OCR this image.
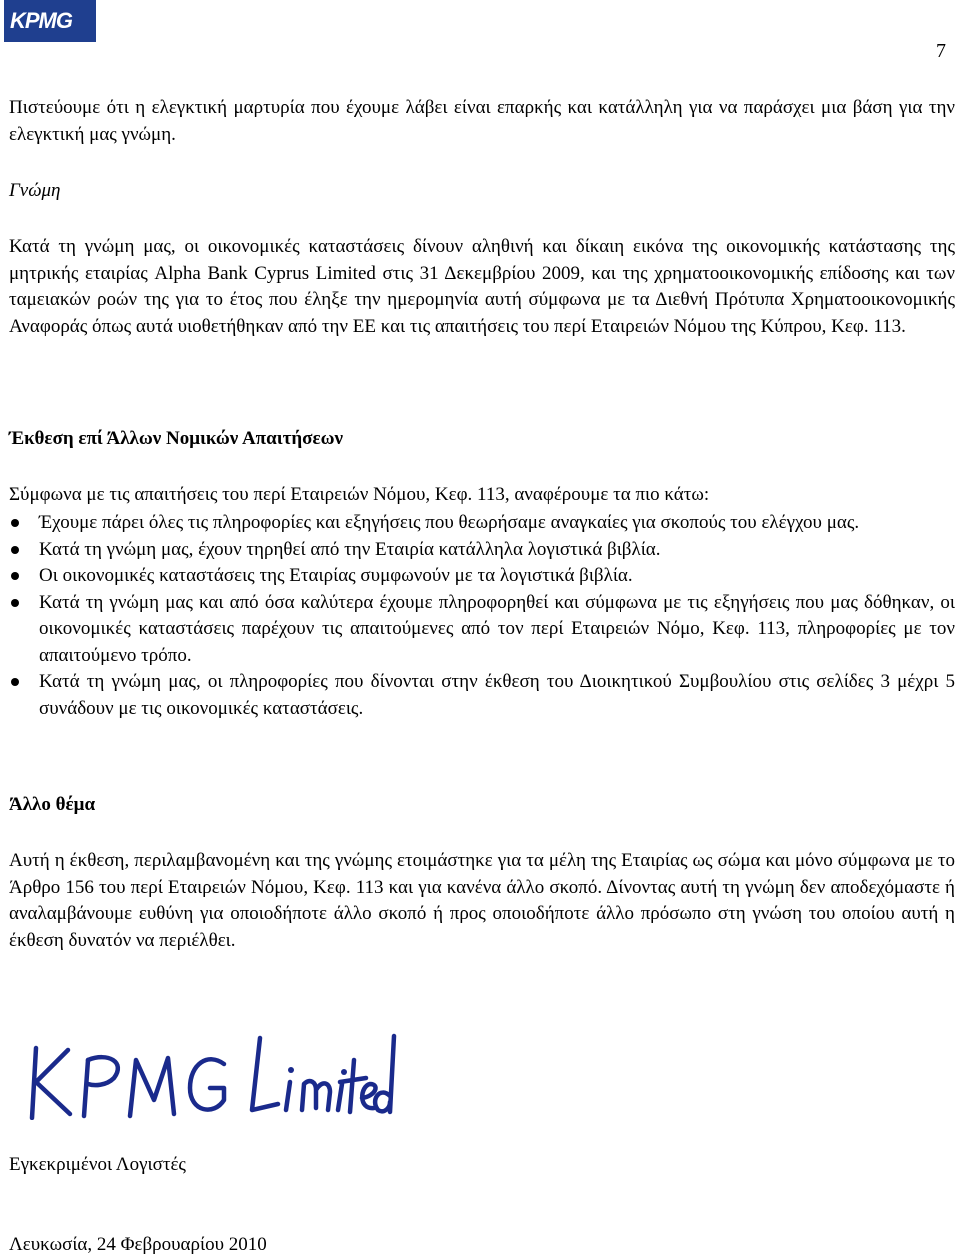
KPMG
7
Πιστεύουμε ότι η ελεγκτική μαρτυρία που έχουμε λάβει είναι επαρκής και κατάλληλη για να παράσχει μια βάση για την ελεγκτική μας γνώμη.
Γνώμη
Κατά τη γνώμη μας, οι οικονομικές καταστάσεις δίνουν αληθινή και δίκαιη εικόνα της οικονομικής κατάστασης της μητρικής εταιρίας Alpha Bank Cyprus Limited στις 31 Δεκεμβρίου 2009, και της χρηματοοικονομικής επίδοσης και των ταμειακών ροών της για το έτος που έληξε την ημερομηνία αυτή σύμφωνα με τα Διεθνή Πρότυπα Χρηματοοικονομικής Αναφοράς όπως αυτά υιοθετήθηκαν από την ΕΕ και τις απαιτήσεις του περί Εταιρειών Νόμου της Κύπρου, Κεφ. 113.
Έκθεση επί Άλλων Νομικών Απαιτήσεων
Σύμφωνα με τις απαιτήσεις του περί Εταιρειών Νόμου, Κεφ. 113, αναφέρουμε τα πιο κάτω:
Έχουμε πάρει όλες τις πληροφορίες και εξηγήσεις που θεωρήσαμε αναγκαίες για σκοπούς του ελέγχου μας.
Κατά τη γνώμη μας, έχουν τηρηθεί από την Εταιρία κατάλληλα λογιστικά βιβλία.
Οι οικονομικές καταστάσεις της Εταιρίας συμφωνούν με τα λογιστικά βιβλία.
Κατά τη γνώμη μας και από όσα καλύτερα έχουμε πληροφορηθεί και σύμφωνα με τις εξηγήσεις που μας δόθηκαν, οι οικονομικές καταστάσεις παρέχουν τις απαιτούμενες από τον περί Εταιρειών Νόμο, Κεφ. 113, πληροφορίες με τον απαιτούμενο τρόπο.
Κατά τη γνώμη μας, οι πληροφορίες που δίνονται στην έκθεση του Διοικητικού Συμβουλίου στις σελίδες 3 μέχρι 5 συνάδουν με τις οικονομικές καταστάσεις.
Άλλο θέμα
Αυτή η έκθεση, περιλαμβανομένη και της γνώμης ετοιμάστηκε για τα μέλη της Εταιρίας ως σώμα και μόνο σύμφωνα με το Άρθρο 156 του περί Εταιρειών Νόμου, Κεφ. 113 και για κανένα άλλο σκοπό. Δίνοντας αυτή τη γνώμη δεν αποδεχόμαστε ή αναλαμβάνουμε ευθύνη για οποιοδήποτε άλλο σκοπό ή προς οποιοδήποτε άλλο πρόσωπο στη γνώση του οποίου αυτή η έκθεση δυνατόν να περιέλθει.
Εγκεκριμένοι Λογιστές
Λευκωσία, 24 Φεβρουαρίου 2010
